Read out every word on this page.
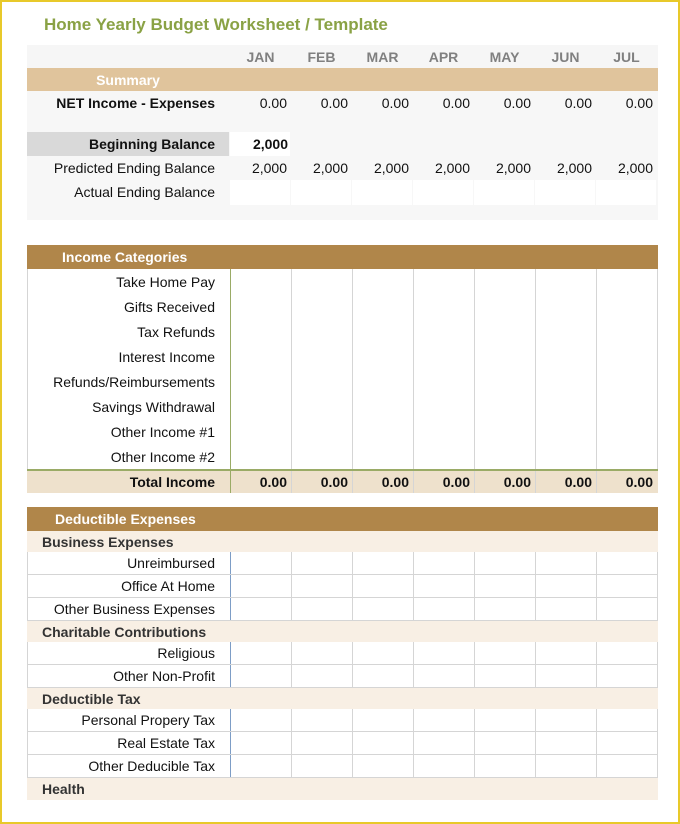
Home Yearly Budget Worksheet / Template
JAN	FEB	MAR	APR	MAY	JUN	JUL
Summary
NET Income - Expenses	0.00	0.00	0.00	0.00	0.00	0.00	0.00
Beginning Balance	2,000
Predicted Ending Balance	2,000	2,000	2,000	2,000	2,000	2,000	2,000
Actual Ending Balance
Income Categories
Take Home Pay
Gifts Received
Tax Refunds
Interest Income
Refunds/Reimbursements
Savings Withdrawal
Other Income #1
Other Income #2
Total Income	0.00	0.00	0.00	0.00	0.00	0.00	0.00
Deductible Expenses
Business Expenses
Unreimbursed
Office At Home
Other Business Expenses
Charitable Contributions
Religious
Other Non-Profit
Deductible Tax
Personal Propery Tax
Real Estate Tax
Other Deducible Tax
Health
